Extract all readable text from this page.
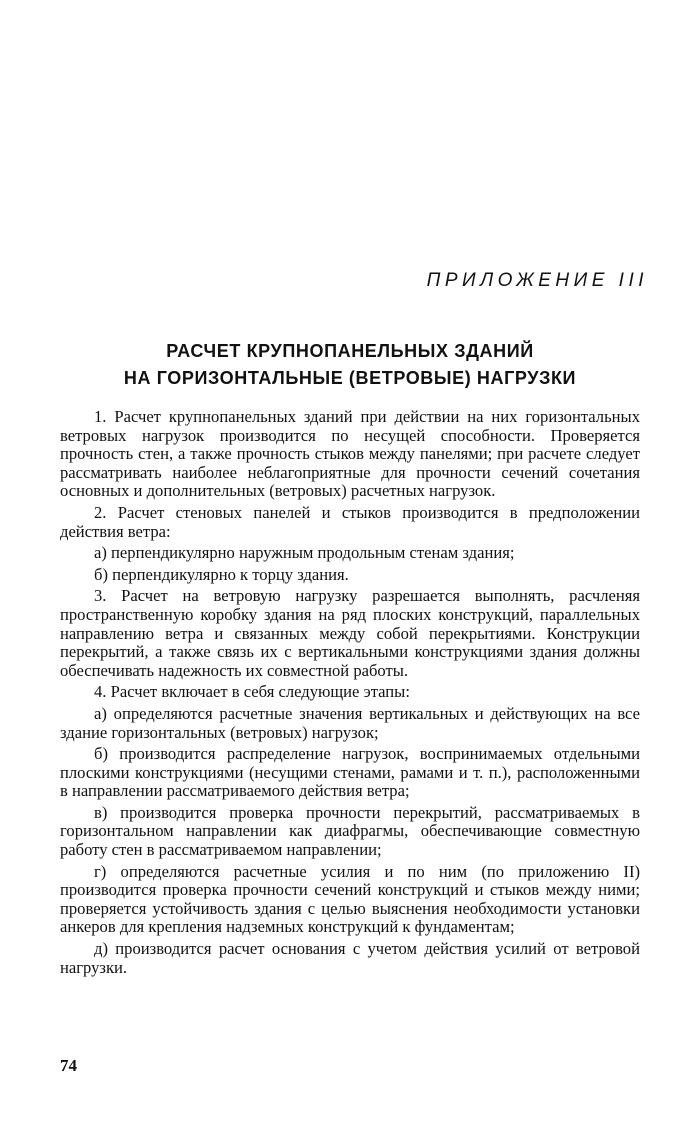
ПРИЛОЖЕНИЕ III
РАСЧЕТ КРУПНОПАНЕЛЬНЫХ ЗДАНИЙ
НА ГОРИЗОНТАЛЬНЫЕ (ВЕТРОВЫЕ) НАГРУЗКИ

1. Расчет крупнопанельных зданий при действии на них горизонтальных ветровых нагрузок производится по несущей способности. Проверяется прочность стен, а также прочность стыков между панелями; при расчете следует рассматривать наиболее неблагоприятные для прочности сечений сочетания основных и дополнительных (ветровых) расчетных нагрузок.

2. Расчет стеновых панелей и стыков производится в предположении действия ветра:

а) перпендикулярно наружным продольным стенам здания;

б) перпендикулярно к торцу здания.

3. Расчет на ветровую нагрузку разрешается выполнять, расчленяя пространственную коробку здания на ряд плоских конструкций, параллельных направлению ветра и связанных между собой перекрытиями. Конструкции перекрытий, а также связь их с вертикальными конструкциями здания должны обеспечивать надежность их совместной работы.

4. Расчет включает в себя следующие этапы:

а) определяются расчетные значения вертикальных и действующих на все здание горизонтальных (ветровых) нагрузок;

б) производится распределение нагрузок, воспринимаемых отдельными плоскими конструкциями (несущими стенами, рамами и т. п.), расположенными в направлении рассматриваемого действия ветра;

в) производится проверка прочности перекрытий, рассматриваемых в горизонтальном направлении как диафрагмы, обеспечивающие совместную работу стен в рассматриваемом направлении;

г) определяются расчетные усилия и по ним (по приложению II) производится проверка прочности сечений конструкций и стыков между ними; проверяется устойчивость здания с целью выяснения необходимости установки анкеров для крепления надземных конструкций к фундаментам;

д) производится расчет основания с учетом действия усилий от ветровой нагрузки.

74
